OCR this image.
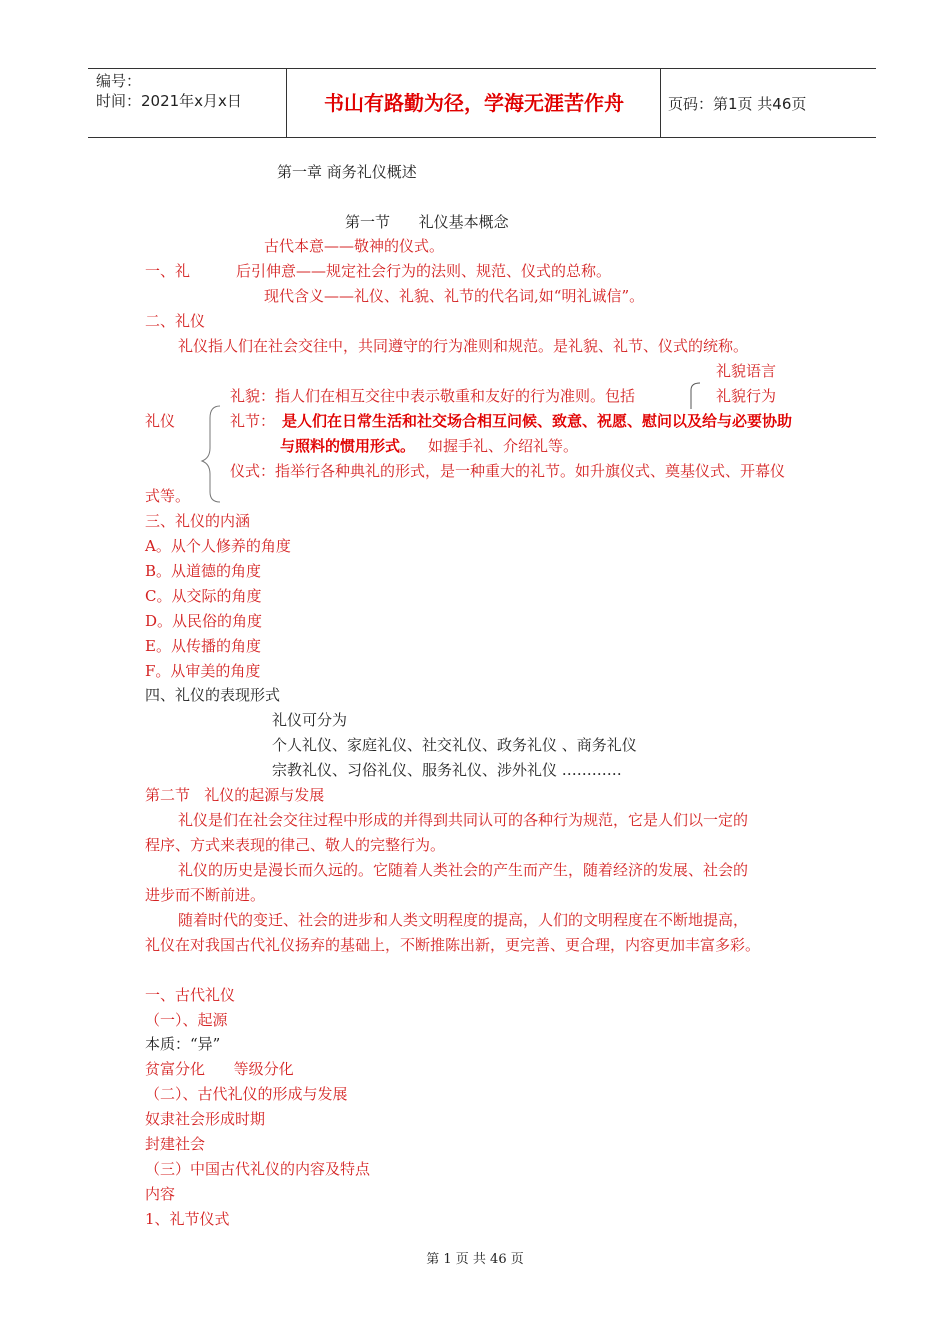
编号：
时间：2021年x月x日	书山有路勤为径，学海无涯苦作舟	页码：第1页 共46页
第一章 商务礼仪概述
第一节      礼仪基本概念
古代本意——敬神的仪式。
一、礼	后引伸意——规定社会行为的法则、规范、仪式的总称。
现代含义——礼仪、礼貌、礼节的代名词,如“明礼诚信”。
二、礼仪
礼仪指人们在社会交往中，共同遵守的行为准则和规范。是礼貌、礼节、仪式的统称。
礼貌语言
礼貌：指人们在相互交往中表示敬重和友好的行为准则。包括	礼貌行为
礼仪	礼节： 是人们在日常生活和社交场合相互问候、致意、祝愿、慰问以及给与必要协助
与照料的惯用形式。 如握手礼、介绍礼等。
仪式：指举行各种典礼的形式，是一种重大的礼节。如升旗仪式、奠基仪式、开幕仪
式等。
三、礼仪的内涵
A。从个人修养的角度
B。从道德的角度
C。从交际的角度
D。从民俗的角度
E。从传播的角度
F。从审美的角度
四、礼仪的表现形式
礼仪可分为
个人礼仪、家庭礼仪、社交礼仪、政务礼仪 、商务礼仪
宗教礼仪、习俗礼仪、服务礼仪、涉外礼仪 …………
第二节   礼仪的起源与发展
礼仪是们在社会交往过程中形成的并得到共同认可的各种行为规范，它是人们以一定的
程序、方式来表现的律己、敬人的完整行为。
礼仪的历史是漫长而久远的。它随着人类社会的产生而产生，随着经济的发展、社会的
进步而不断前进。
随着时代的变迁、社会的进步和人类文明程度的提高，人们的文明程度在不断地提高，
礼仪在对我国古代礼仪扬弃的基础上，不断推陈出新，更完善、更合理，内容更加丰富多彩。
一、古代礼仪
（一）、起源
本质：“异”
贫富分化      等级分化
（二）、古代礼仪的形成与发展
奴隶社会形成时期
封建社会
（三）中国古代礼仪的内容及特点
内容
1、礼节仪式
第 1 页 共 46 页
